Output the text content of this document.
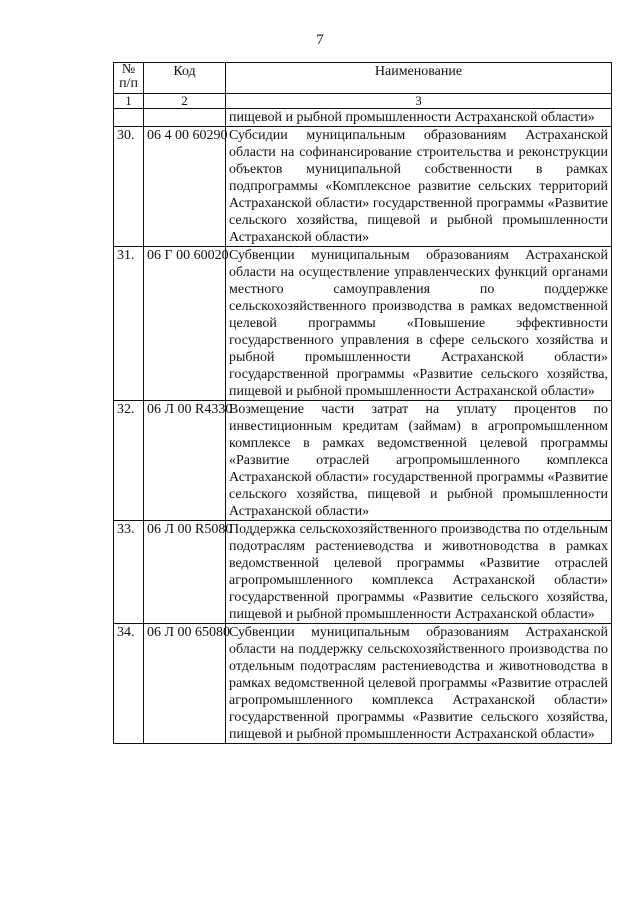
7
№ п/п	Код	Наименование
1	2	3
		пищевой и рыбной промышленности Астраханской области»
30.	06 4 00 60290	Субсидии муниципальным образованиям Астраханской области на софинансирование строительства и реконструкции объектов муниципальной собственности в рамках подпрограммы «Комплексное развитие сельских территорий Астраханской области» государственной программы «Развитие сельского хозяйства, пищевой и рыбной промышленности Астраханской области»
31.	06 Г 00 60020	Субвенции муниципальным образованиям Астраханской области на осуществление управленческих функций органами местного самоуправления по поддержке сельскохозяйственного производства в рамках ведомственной целевой программы «Повышение эффективности государственного управления в сфере сельского хозяйства и рыбной промышленности Астраханской области» государственной программы «Развитие сельского хозяйства, пищевой и рыбной промышленности Астраханской области»
32.	06 Л 00 R4330	Возмещение части затрат на уплату процентов по инвестиционным кредитам (займам) в агропромышленном комплексе в рамках ведомственной целевой программы «Развитие отраслей агропромышленного комплекса Астраханской области» государственной программы «Развитие сельского хозяйства, пищевой и рыбной промышленности Астраханской области»
33.	06 Л 00 R5080	Поддержка сельскохозяйственного производства по отдельным подотраслям растениеводства и животноводства в рамках ведомственной целевой программы «Развитие отраслей агропромышленного комплекса Астраханской области» государственной программы «Развитие сельского хозяйства, пищевой и рыбной промышленности Астраханской области»
34.	06 Л 00 65080	Субвенции муниципальным образованиям Астраханской области на поддержку сельскохозяйственного производства по отдельным подотраслям растениеводства и животноводства в рамках ведомственной целевой программы «Развитие отраслей агропромышленного комплекса Астраханской области» государственной программы «Развитие сельского хозяйства, пищевой и рыбной промышленности Астраханской области»
